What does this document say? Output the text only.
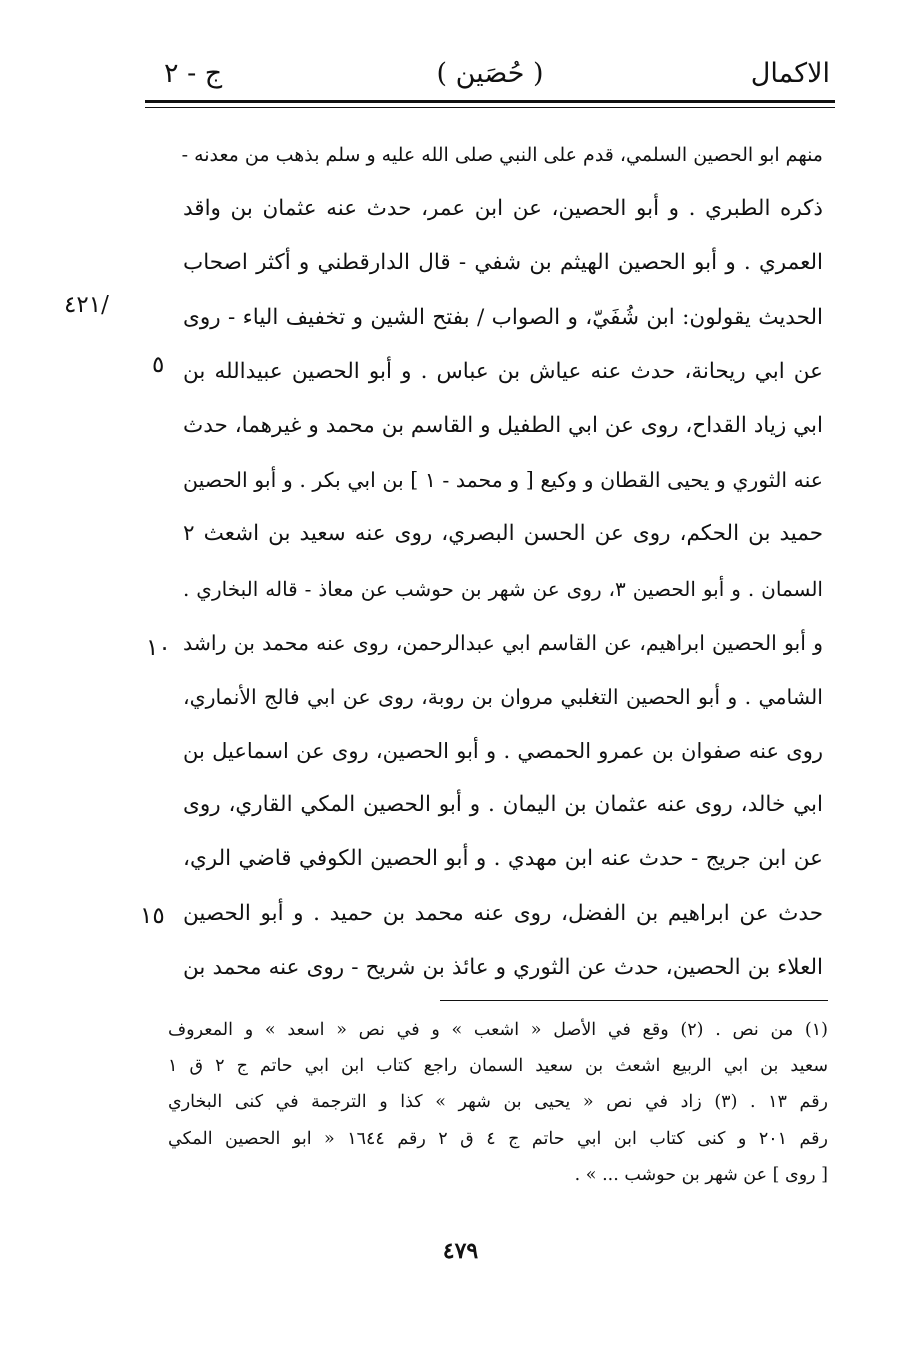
الاكمال
( حُصَين )
ج - ٢
منهم ابو الحصين السلمي، قدم على النبي صلى الله عليه و سلم بذهب من معدنه -
ذكره الطبري . و أبو الحصين، عن ابن عمر، حدث عنه عثمان بن واقد
العمري . و أبو الحصين الهيثم بن شفي - قال الدارقطني و أكثر اصحاب
الحديث يقولون: ابن شُفَيّ، و الصواب / بفتح الشين و تخفيف الياء - روى
عن ابي ريحانة، حدث عنه عياش بن عباس . و أبو الحصين عبيدالله بن
ابي زياد القداح، روى عن ابي الطفيل و القاسم بن محمد و غيرهما، حدث
عنه الثوري و يحيى القطان و وكيع [ و محمد - ١ ] بن ابي بكر . و أبو الحصين
حميد بن الحكم، روى عن الحسن البصري، روى عنه سعيد بن اشعث ٢
السمان . و أبو الحصين ٣، روى عن شهر بن حوشب عن معاذ - قاله البخاري .
و أبو الحصين ابراهيم، عن القاسم ابي عبدالرحمن، روى عنه محمد بن راشد
الشامي . و أبو الحصين التغلبي مروان بن روبة، روى عن ابي فالج الأنماري،
روى عنه صفوان بن عمرو الحمصي . و أبو الحصين، روى عن اسماعيل بن
ابي خالد، روى عنه عثمان بن اليمان . و أبو الحصين المكي القاري، روى
عن ابن جريج - حدث عنه ابن مهدي . و أبو الحصين الكوفي قاضي الري،
حدث عن ابراهيم بن الفضل، روى عنه محمد بن حميد . و أبو الحصين
العلاء بن الحصين، حدث عن الثوري و عائذ بن شريح - روى عنه محمد بن
٤٢١/
٥
١٠
١٥
(١) من نص . (٢) وقع في الأصل « اشعب » و في نص « اسعد » و المعروف
سعيد بن ابي الربيع اشعث بن سعيد السمان راجع كتاب ابن ابي حاتم ج ٢ ق ١
رقم ١٣ . (٣) زاد في نص « يحيى بن شهر » كذا و الترجمة في كنى البخاري
رقم ٢٠١ و كنى كتاب ابن ابي حاتم ج ٤ ق ٢ رقم ١٦٤٤ « ابو الحصين المكي
[ روى ] عن شهر بن حوشب ... » .
٤٧٩
